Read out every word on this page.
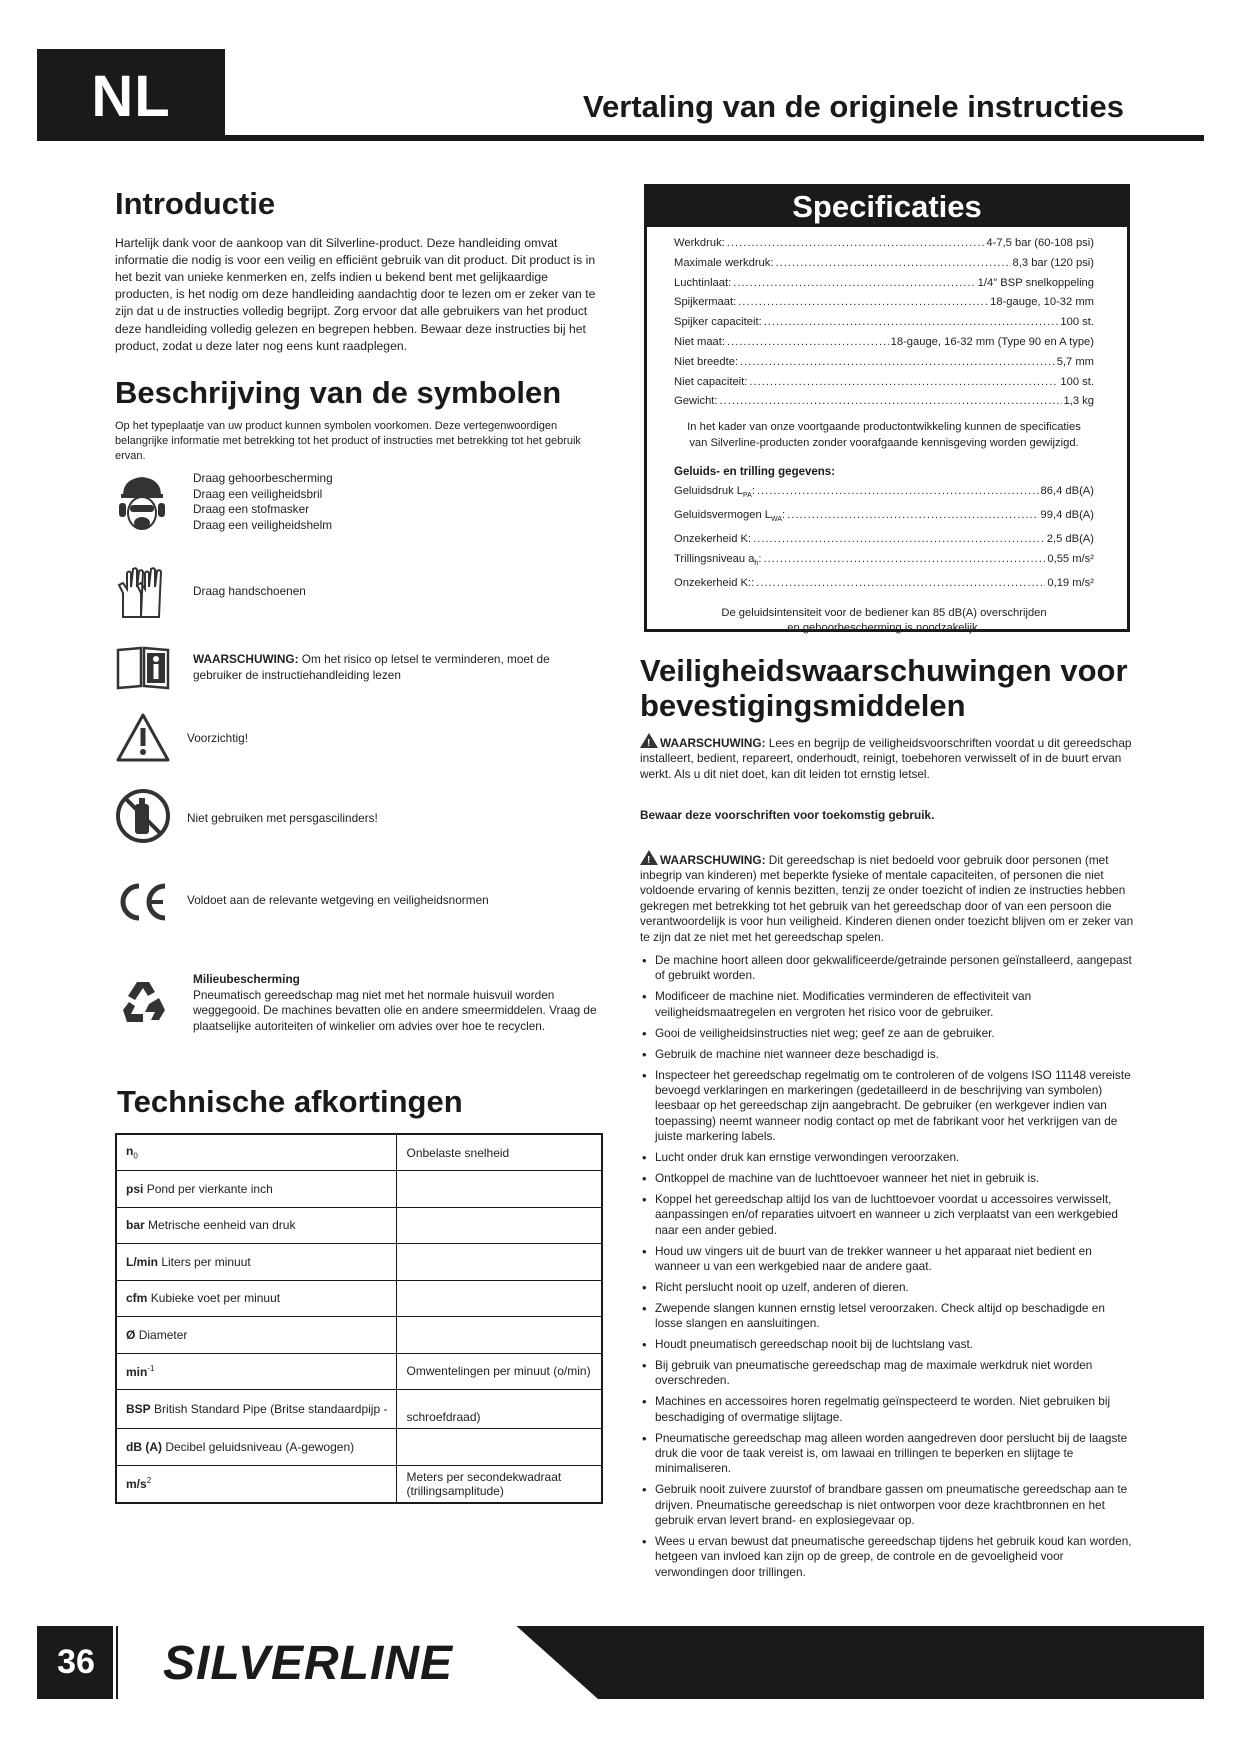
NL	Vertaling van de originele instructies
Introductie

Hartelijk dank voor de aankoop van dit Silverline-product. Deze handleiding omvat informatie die nodig is voor een veilig en efficiënt gebruik van dit product. Dit product is in het bezit van unieke kenmerken en, zelfs indien u bekend bent met gelijkaardige producten, is het nodig om deze handleiding aandachtig door te lezen om er zeker van te zijn dat u de instructies volledig begrijpt. Zorg ervoor dat alle gebruikers van het product deze handleiding volledig gelezen en begrepen hebben. Bewaar deze instructies bij het product, zodat u deze later nog eens kunt raadplegen.

Beschrijving van de symbolen

Op het typeplaatje van uw product kunnen symbolen voorkomen. Deze vertegenwoordigen belangrijke informatie met betrekking tot het product of instructies met betrekking tot het gebruik ervan.

Draag gehoorbescherming
Draag een veiligheidsbril
Draag een stofmasker
Draag een veiligheidshelm
Draag handschoenen
WAARSCHUWING: Om het risico op letsel te verminderen, moet de gebruiker de instructiehandleiding lezen
Voorzichtig!
Niet gebruiken met persgascilinders!
Voldoet aan de relevante wetgeving en veiligheidsnormen
Milieubescherming
Pneumatisch gereedschap mag niet met het normale huisvuil worden weggegooid. De machines bevatten olie en andere smeermiddelen. Vraag de plaatselijke autoriteiten of winkelier om advies over hoe te recyclen.
Technische afkortingen
$n_0$	Onbelaste snelheid
psi Pond per vierkante inch	
bar Metrische eenheid van druk	
L/min Liters per minuut	
cfm Kubieke voet per minuut	
Ø Diameter	
$\min^{-1}$	Omwentelingen per minuut (o/min)
BSP British Standard Pipe (Britse standaardpijp -	schroefdraad)
dB (A) Decibel geluidsniveau (A-gewogen)	
$m/s^2$	Meters per secondekwadraat (trillingsamplitude)
Specificaties
Werkdruk: .....	4-7,5 bar (60-108 psi)
Maximale werkdruk: .....	8,3 bar (120 psi)
Luchtinlaat: .....	1/4" BSP snelkoppeling
Spijkermaat: .....	18-gauge, 10-32 mm
Spijker capaciteit: .....	100 st.
Niet maat: .....	18-gauge, 16-32 mm (Type 90 en A type)
Niet breedte: .....	5,7 mm
Niet capaciteit: .....	100 st.
Gewicht: .....	1,3 kg

In het kader van onze voortgaande productontwikkeling kunnen de specificaties van Silverline-producten zonder voorafgaande kennisgeving worden gewijzigd.

Geluids- en trilling gegevens:

Geluidsdruk $L_{PA}$: .....	86,4 dB(A)
Geluidsvermogen $L_{WA}$: .....	99,4 dB(A)
Onzekerheid K: .....	2,5 dB(A)
Trillingsniveau $a_h$: .....	0,55 m/s²
Onzekerheid K:: .....	0,19 m/s²

De geluidsintensiteit voor de bediener kan 85 dB(A) overschrijden en gehoorbescherming is noodzakelijk.

Veiligheidswaarschuwingen voor
bevestigingsmiddelen

!WAARSCHUWING: Lees en begrijp de veiligheidsvoorschriften voordat u dit gereedschap installeert, bedient, repareert, onderhoudt, reinigt, toebehoren verwisselt of in de buurt ervan werkt. Als u dit niet doet, kan dit leiden tot ernstig letsel.

Bewaar deze voorschriften voor toekomstig gebruik.

!WAARSCHUWING: Dit gereedschap is niet bedoeld voor gebruik door personen (met inbegrip van kinderen) met beperkte fysieke of mentale capaciteiten, of personen die niet voldoende ervaring of kennis bezitten, tenzij ze onder toezicht of indien ze instructies hebben gekregen met betrekking tot het gebruik van het gereedschap door of van een persoon die verantwoordelijk is voor hun veiligheid. Kinderen dienen onder toezicht blijven om er zeker van te zijn dat ze niet met het gereedschap spelen.

• De machine hoort alleen door gekwalificeerde/getrainde personen geïnstalleerd, aangepast of gebruikt worden.
• Modificeer de machine niet. Modificaties verminderen de effectiviteit van veiligheidsmaatregelen en vergroten het risico voor de gebruiker.
• Gooi de veiligheidsinstructies niet weg; geef ze aan de gebruiker.
• Gebruik de machine niet wanneer deze beschadigd is.
• Inspecteer het gereedschap regelmatig om te controleren of de volgens ISO 11148 vereiste bevoegd verklaringen en markeringen (gedetailleerd in de beschrijving van symbolen) leesbaar op het gereedschap zijn aangebracht. De gebruiker (en werkgever indien van toepassing) neemt wanneer nodig contact op met de fabrikant voor het verkrijgen van de juiste markering labels.
• Lucht onder druk kan ernstige verwondingen veroorzaken.
• Ontkoppel de machine van de luchttoevoer wanneer het niet in gebruik is.
• Koppel het gereedschap altijd los van de luchttoevoer voordat u accessoires verwisselt, aanpassingen en/of reparaties uitvoert en wanneer u zich verplaatst van een werkgebied naar een ander gebied.
• Houd uw vingers uit de buurt van de trekker wanneer u het apparaat niet bedient en wanneer u van een werkgebied naar de andere gaat.
• Richt perslucht nooit op uzelf, anderen of dieren.
• Zwepende slangen kunnen ernstig letsel veroorzaken. Check altijd op beschadigde en losse slangen en aansluitingen.
• Houdt pneumatisch gereedschap nooit bij de luchtslang vast.
• Bij gebruik van pneumatische gereedschap mag de maximale werkdruk niet worden overschreden.
• Machines en accessoires horen regelmatig geïnspecteerd te worden. Niet gebruiken bij beschadiging of overmatige slijtage.
• Pneumatische gereedschap mag alleen worden aangedreven door perslucht bij de laagste druk die voor de taak vereist is, om lawaai en trillingen te beperken en slijtage te minimaliseren.
• Gebruik nooit zuivere zuurstof of brandbare gassen om pneumatische gereedschap aan te drijven. Pneumatische gereedschap is niet ontworpen voor deze krachtbronnen en het gebruik ervan levert brand- en explosiegevaar op.
• Wees u ervan bewust dat pneumatische gereedschap tijdens het gebruik koud kan worden, hetgeen van invloed kan zijn op de greep, de controle en de gevoeligheid voor verwondingen door trillingen.
36	SILVERLINE	®
